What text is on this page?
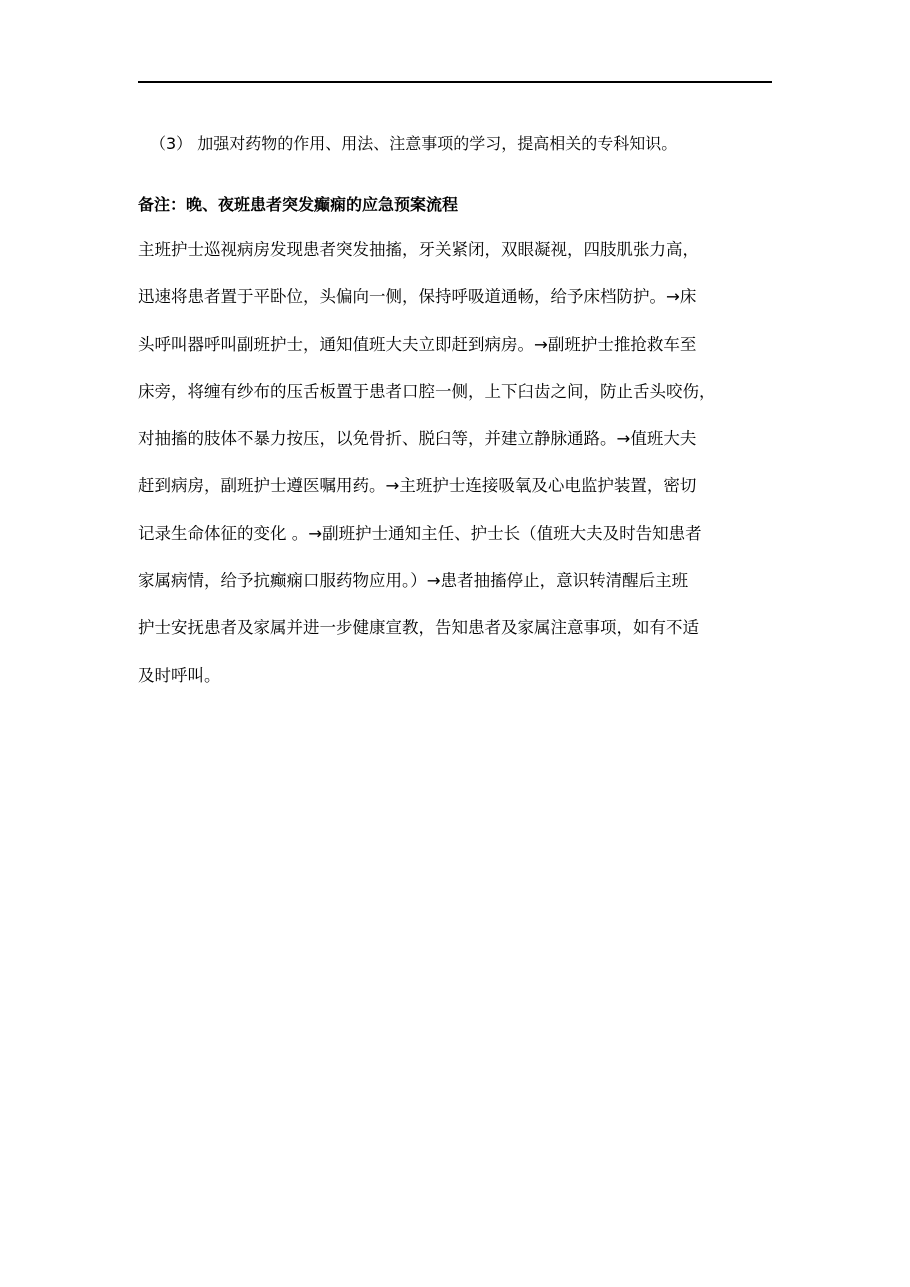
（3） 加强对药物的作用、用法、注意事项的学习，提高相关的专科知识。
备注：晚、夜班患者突发癫痫的应急预案流程
主班护士巡视病房发现患者突发抽搐，牙关紧闭，双眼凝视，四肢肌张力高，
迅速将患者置于平卧位，头偏向一侧，保持呼吸道通畅，给予床档防护。→床
头呼叫器呼叫副班护士，通知值班大夫立即赶到病房。→副班护士推抢救车至
床旁，将缠有纱布的压舌板置于患者口腔一侧，上下臼齿之间，防止舌头咬伤，
对抽搐的肢体不暴力按压，以免骨折、脱臼等，并建立静脉通路。→值班大夫
赶到病房，副班护士遵医嘱用药。→主班护士连接吸氧及心电监护装置，密切
记录生命体征的变化 。→副班护士通知主任、护士长（值班大夫及时告知患者
家属病情，给予抗癫痫口服药物应用。）→患者抽搐停止，意识转清醒后主班
护士安抚患者及家属并进一步健康宣教，告知患者及家属注意事项，如有不适
及时呼叫。
